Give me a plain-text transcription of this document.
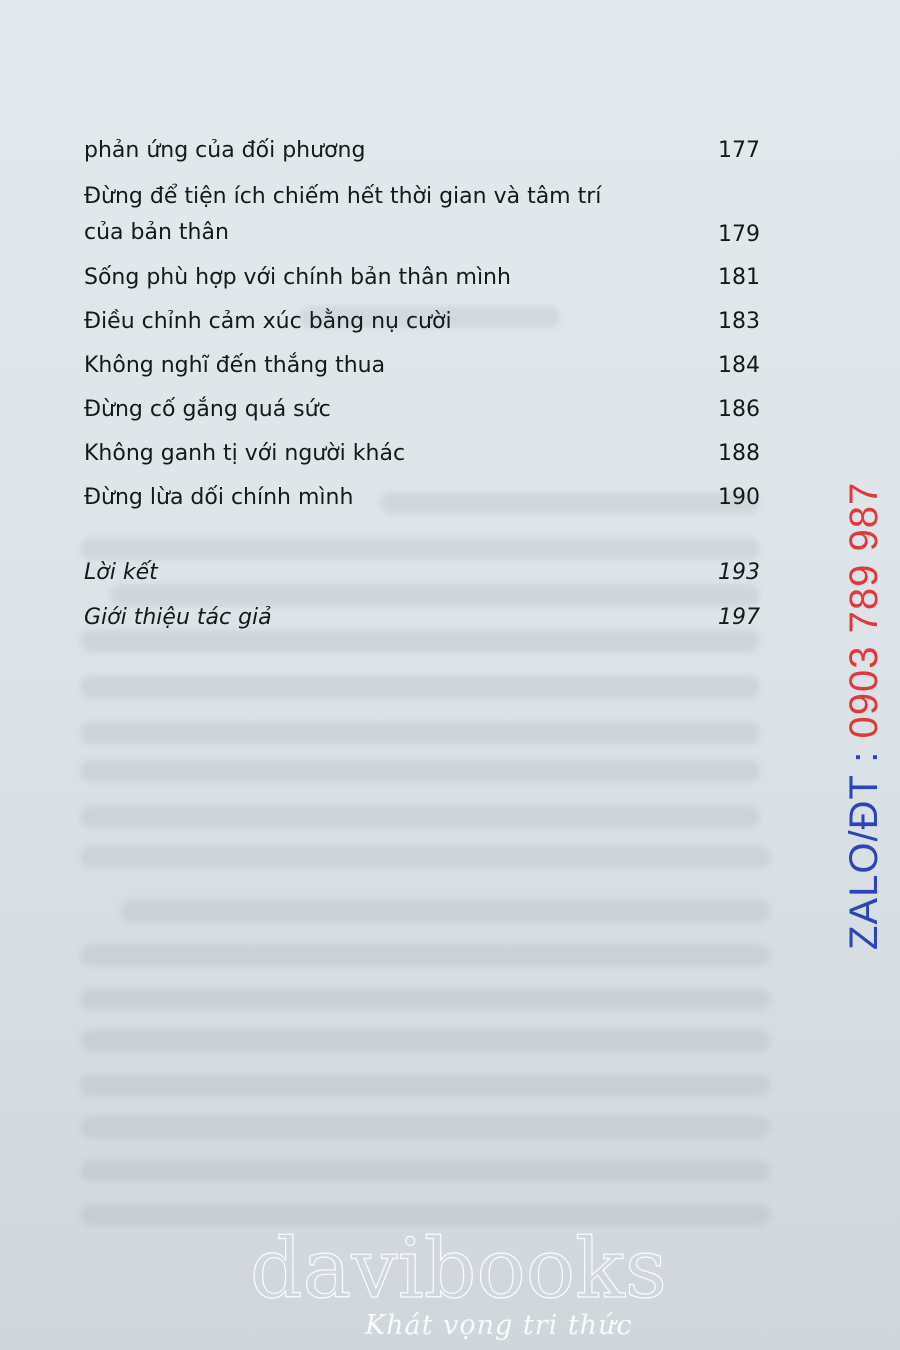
phản ứng của đối phương	177
Đừng để tiện ích chiếm hết thời gian và tâm trí
của bản thân	179
Sống phù hợp với chính bản thân mình	181
Điều chỉnh cảm xúc bằng nụ cười	183
Không nghĩ đến thắng thua	184
Đừng cố gắng quá sức	186
Không ganh tị với người khác	188
Đừng lừa dối chính mình	190
Lời kết	193
Giới thiệu tác giả	197
ZALO/ĐT : 0903 789 987
davibooks
Khát vọng tri thức
